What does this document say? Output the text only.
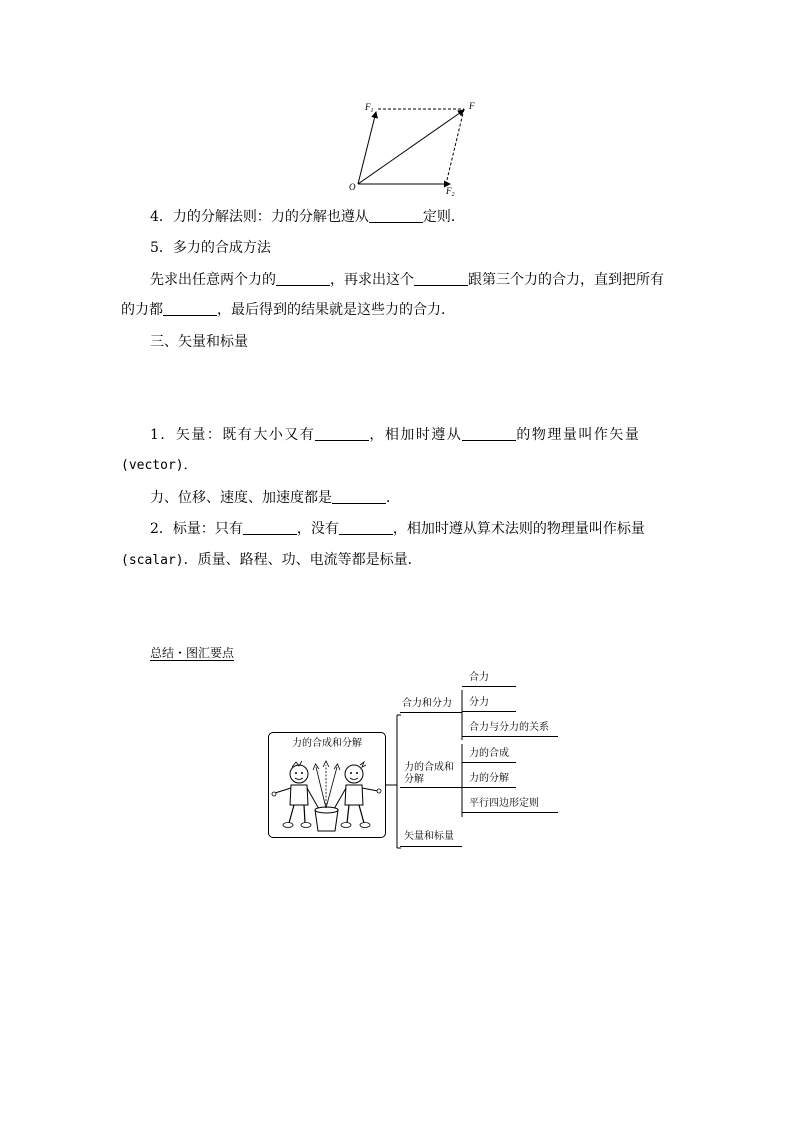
$F_1$	F
O	$F_2$
4．力的分解法则：力的分解也遵从	定则．
5．多力的合成方法
先求出任意两个力的	，再求出这个	跟第三个力的合力，直到把所有
的力都	，最后得到的结果就是这些力的合力．
三、矢量和标量
1．矢量：既有大小又有	，相加时遵从	的物理量叫作矢量
(vector)．
力、位移、速度、加速度都是	．
2．标量：只有	，没有	，相加时遵从算术法则的物理量叫作标量
(scalar)．质量、路程、功、电流等都是标量．
总结・图汇要点
力的合成和分解
合力和分力
合力
分力
合力与分力的关系
力的合成和
分解
力的合成
力的分解
平行四边形定则
矢量和标量
